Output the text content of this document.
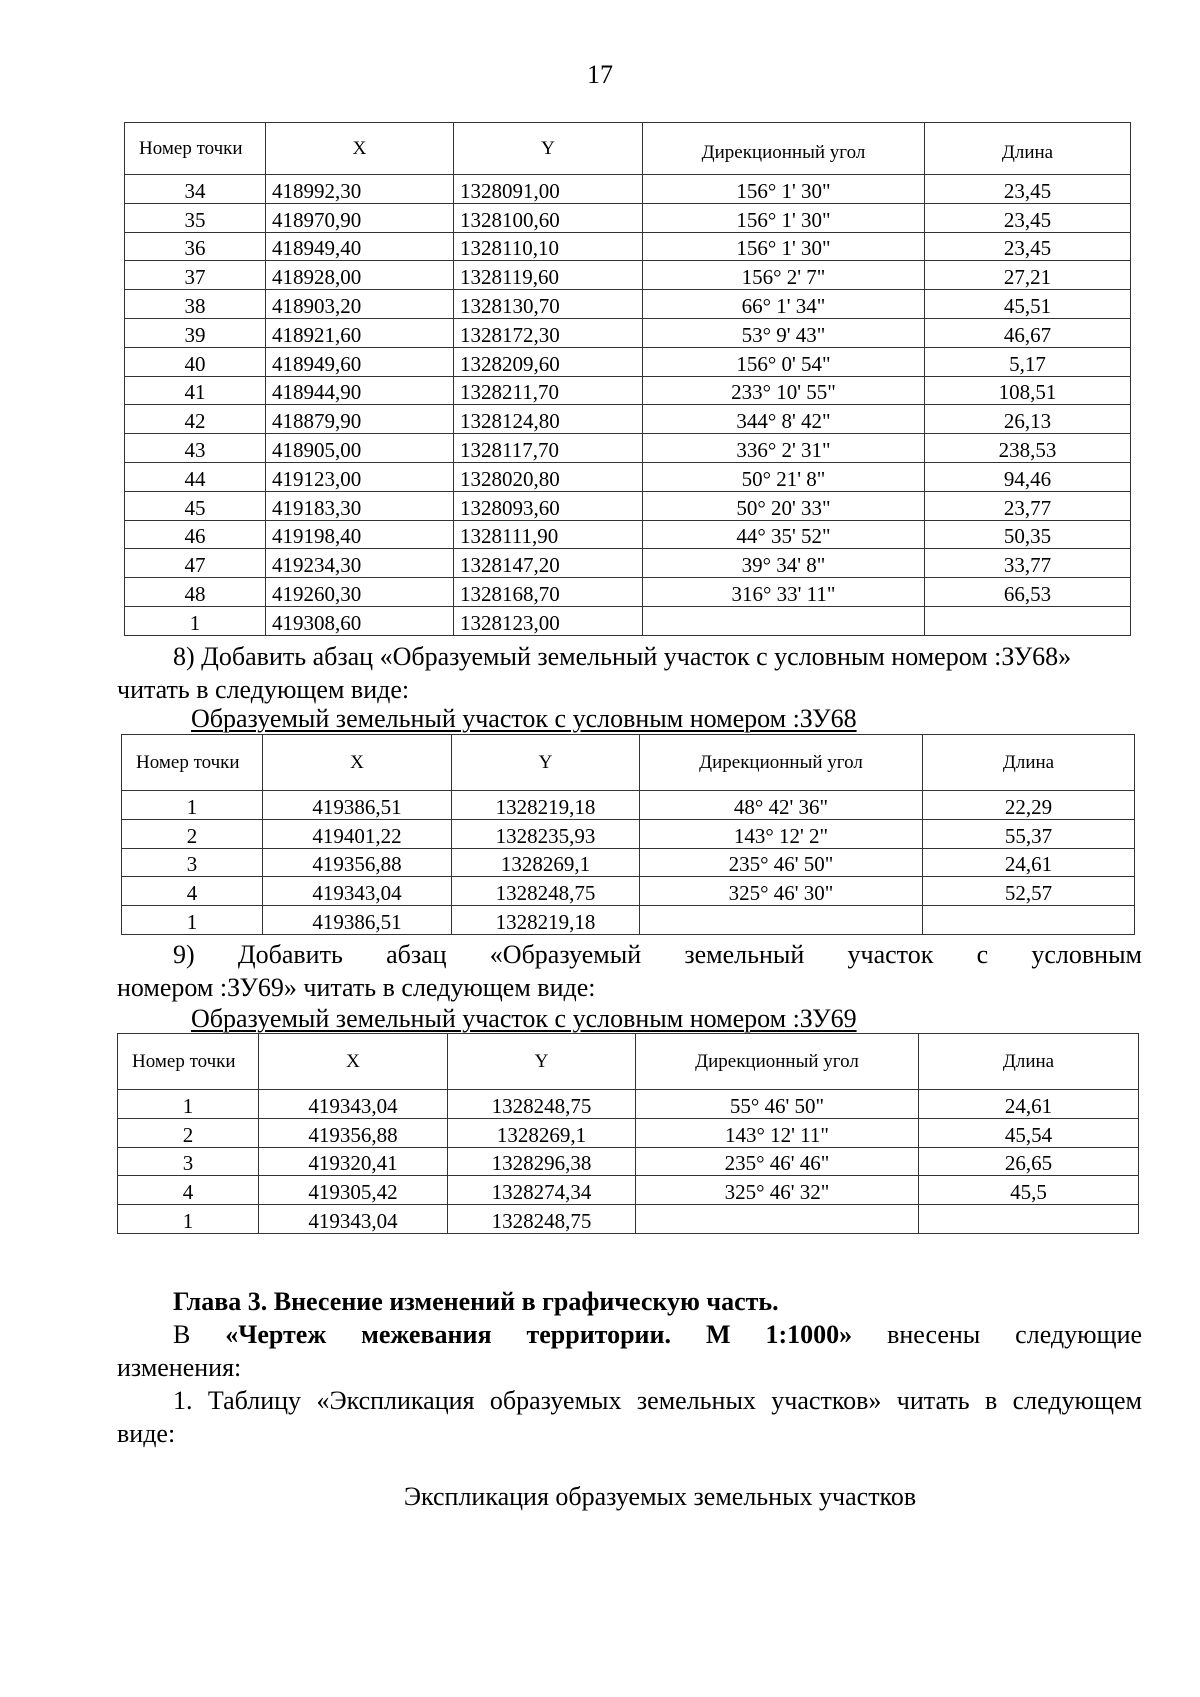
17
Номер точки	X	Y	Дирекционный угол	Длина
34	418992,30	1328091,00	156° 1' 30"	23,45
35	418970,90	1328100,60	156° 1' 30"	23,45
36	418949,40	1328110,10	156° 1' 30"	23,45
37	418928,00	1328119,60	156° 2' 7"	27,21
38	418903,20	1328130,70	66° 1' 34"	45,51
39	418921,60	1328172,30	53° 9' 43"	46,67
40	418949,60	1328209,60	156° 0' 54"	5,17
41	418944,90	1328211,70	233° 10' 55"	108,51
42	418879,90	1328124,80	344° 8' 42"	26,13
43	418905,00	1328117,70	336° 2' 31"	238,53
44	419123,00	1328020,80	50° 21' 8"	94,46
45	419183,30	1328093,60	50° 20' 33"	23,77
46	419198,40	1328111,90	44° 35' 52"	50,35
47	419234,30	1328147,20	39° 34' 8"	33,77
48	419260,30	1328168,70	316° 33' 11"	66,53
1	419308,60	1328123,00		
8) Добавить абзац «Образуемый земельный участок с условным номером :ЗУ68» читать в следующем виде:
Образуемый земельный участок с условным номером :ЗУ68
Номер точки	X	Y	Дирекционный угол	Длина
1	419386,51	1328219,18	48° 42' 36"	22,29
2	419401,22	1328235,93	143° 12' 2"	55,37
3	419356,88	1328269,1	235° 46' 50"	24,61
4	419343,04	1328248,75	325° 46' 30"	52,57
1	419386,51	1328219,18		
9) Добавить абзац «Образуемый земельный участок с условным
номером :ЗУ69» читать в следующем виде:
Образуемый земельный участок с условным номером :ЗУ69
Номер точки	X	Y	Дирекционный угол	Длина
1	419343,04	1328248,75	55° 46' 50"	24,61
2	419356,88	1328269,1	143° 12' 11"	45,54
3	419320,41	1328296,38	235° 46' 46"	26,65
4	419305,42	1328274,34	325° 46' 32"	45,5
1	419343,04	1328248,75		
Глава 3. Внесение изменений в графическую часть.
В «Чертеж межевания территории. М 1:1000» внесены следующие
изменения:
1. Таблицу «Экспликация образуемых земельных участков» читать в следующем
виде:
Экспликация образуемых земельных участков
